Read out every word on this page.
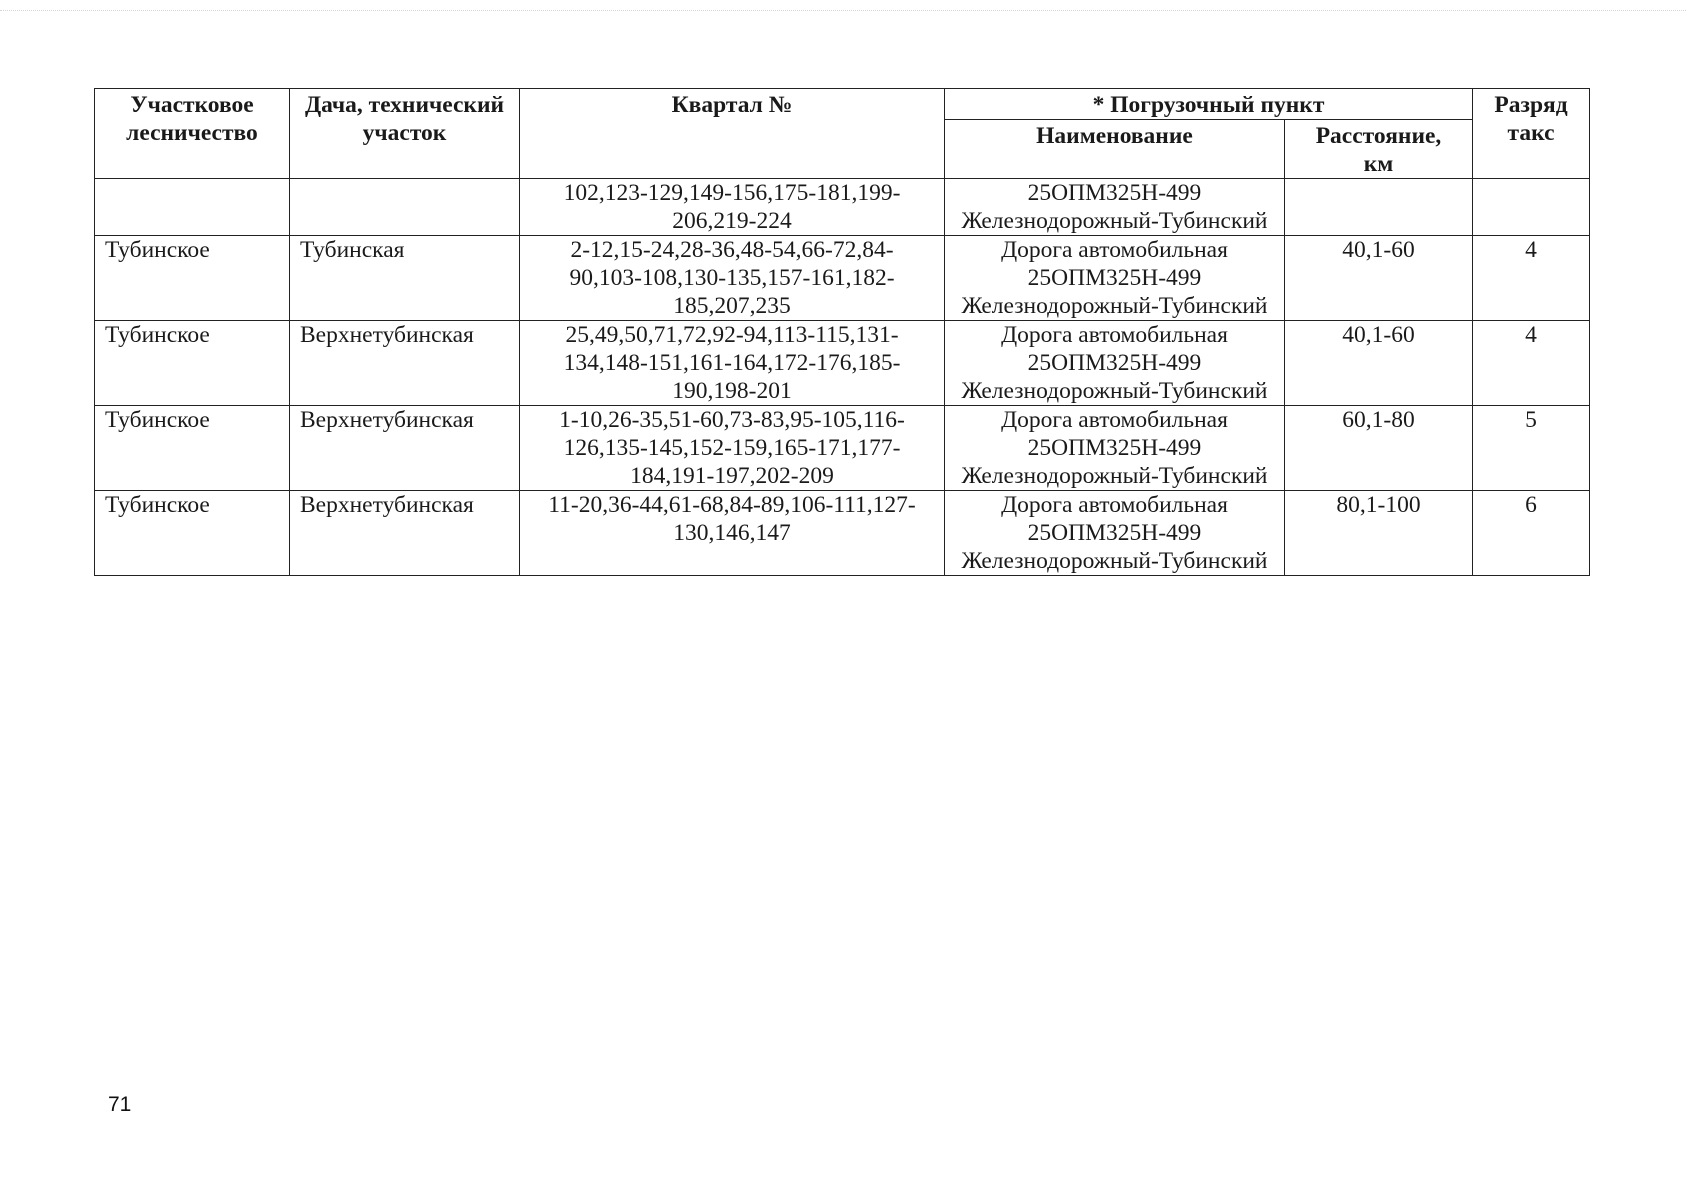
Участковое
лесничество	Дача, технический
участок	Квартал №	* Погрузочный пункт		Разряд
такс
			Наименование	Расстояние,
км	
		102,123-129,149-156,175-181,199-
206,219-224	25ОПМ325Н-499
Железнодорожный-Тубинский		
Тубинское	Тубинская	2-12,15-24,28-36,48-54,66-72,84-
90,103-108,130-135,157-161,182-
185,207,235	Дорога автомобильная
25ОПМ325Н-499
Железнодорожный-Тубинский	40,1-60	4
Тубинское	Верхнетубинская	25,49,50,71,72,92-94,113-115,131-
134,148-151,161-164,172-176,185-
190,198-201	Дорога автомобильная
25ОПМ325Н-499
Железнодорожный-Тубинский	40,1-60	4
Тубинское	Верхнетубинская	1-10,26-35,51-60,73-83,95-105,116-
126,135-145,152-159,165-171,177-
184,191-197,202-209	Дорога автомобильная
25ОПМ325Н-499
Железнодорожный-Тубинский	60,1-80	5
Тубинское	Верхнетубинская	11-20,36-44,61-68,84-89,106-111,127-
130,146,147	Дорога автомобильная
25ОПМ325Н-499
Железнодорожный-Тубинский	80,1-100	6
71
